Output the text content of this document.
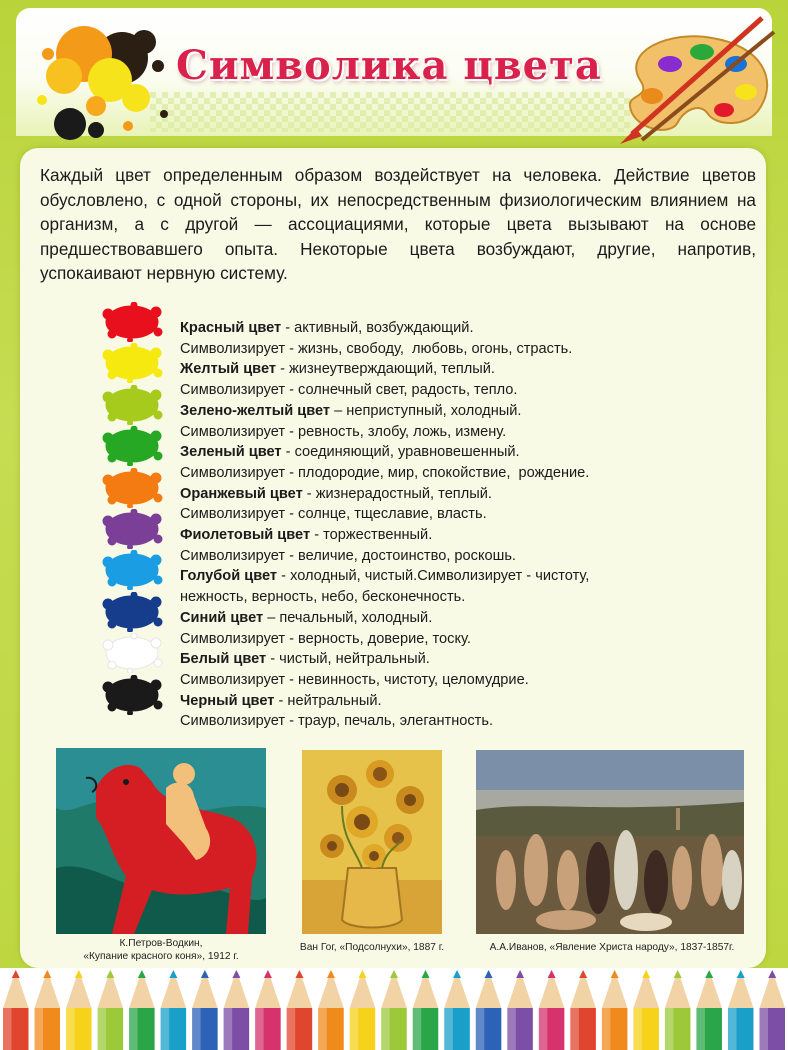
Символика цвета
Каждый цвет определенным образом воздействует на человека. Действие цветов обусловлено, с одной стороны, их непосредственным физиологическим влиянием на организм, а с другой — ассоциациями, которые цвета вызывают на основе предшествовавшего опыта. Некоторые цвета возбуждают, другие, напротив, успокаивают нервную систему.
Красный цвет - активный, возбуждающий.
Символизирует - жизнь, свободу,  любовь, огонь, страсть.
Желтый цвет - жизнеутверждающий, теплый.
Символизирует - солнечный свет, радость, тепло.
Зелено-желтый цвет – неприступный, холодный.
Символизирует - ревность, злобу, ложь, измену.
Зеленый цвет - соединяющий, уравновешенный.
Символизирует - плодородие, мир, спокойствие,  рождение.
Оранжевый цвет - жизнерадостный, теплый.
Символизирует - солнце, тщеславие, власть.
Фиолетовый цвет - торжественный.
Символизирует - величие, достоинство, роскошь.
Голубой цвет - холодный, чистый.Символизирует - чистоту,
нежность, верность, небо, бесконечность.
Синий цвет – печальный, холодный.
Символизирует - верность, доверие, тоску.
Белый цвет - чистый, нейтральный.
Символизирует - невинность, чистоту, целомудрие.
Черный цвет - нейтральный.
Символизирует - траур, печаль, элегантность.
К.Петров-Водкин,
«Купание красного коня», 1912 г.
Ван Гог, «Подсолнухи», 1887 г.	А.А.Иванов, «Явление Христа народу», 1837-1857г.
